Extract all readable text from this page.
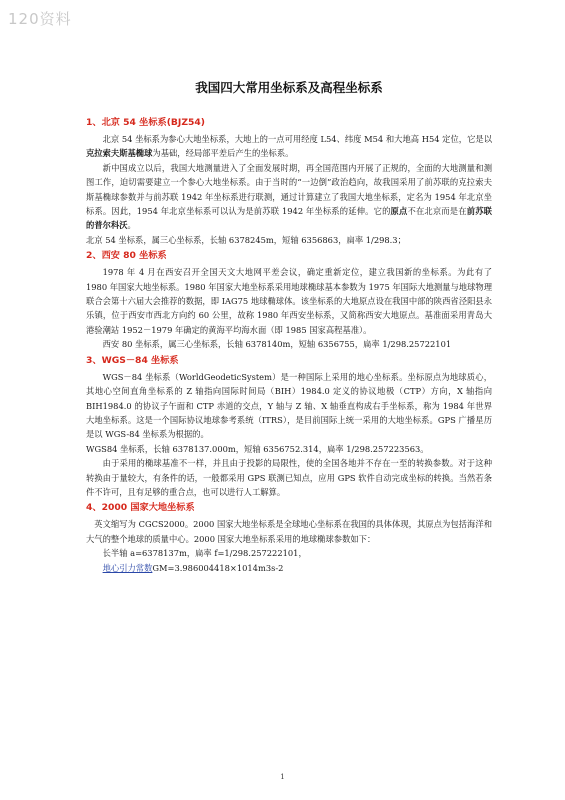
120资料
我国四大常用坐标系及高程坐标系
1、北京 54 坐标系(BJZ54)

北京 54 坐标系为参心大地坐标系，大地上的一点可用经度 L54、纬度 M54 和大地高 H54 定位，它是以克拉索夫斯基椭球为基础，经局部平差后产生的坐标系。

新中国成立以后，我国大地测量进入了全面发展时期，再全国范围内开展了正规的，全面的大地测量和测图工作，迫切需要建立一个参心大地坐标系。由于当时的“一边倒”政治趋向，故我国采用了前苏联的克拉索夫斯基椭球参数并与前苏联 1942 年坐标系进行联测，通过计算建立了我国大地坐标系，定名为 1954 年北京坐标系。因此，1954 年北京坐标系可以认为是前苏联 1942 年坐标系的延伸。它的原点不在北京而是在前苏联的普尔科沃。

北京 54 坐标系，属三心坐标系，长轴 6378245m，短轴 6356863，扁率 1/298.3；

2、西安 80 坐标系

1978 年 4 月在西安召开全国天文大地网平差会议，确定重新定位，建立我国新的坐标系。为此有了 1980 年国家大地坐标系。1980 年国家大地坐标系采用地球椭球基本参数为 1975 年国际大地测量与地球物理联合会第十六届大会推荐的数据，即 IAG75 地球椭球体。该坐标系的大地原点设在我国中部的陕西省泾阳县永乐镇，位于西安市西北方向约 60 公里，故称 1980 年西安坐标系，又简称西安大地原点。基准面采用青岛大港验潮站 1952－1979 年确定的黄海平均海水面（即 1985 国家高程基准）。

西安 80 坐标系，属三心坐标系，长轴 6378140m，短轴 6356755，扁率 1/298.25722101

3、WGS－84 坐标系

WGS－84 坐标系（WorldGeodeticSystem）是一种国际上采用的地心坐标系。坐标原点为地球质心，其地心空间直角坐标系的 Z 轴指向国际时间局（BIH）1984.0 定义的协议地极（CTP）方向，X 轴指向 BIH1984.0 的协议子午面和 CTP 赤道的交点，Y 轴与 Z 轴、X 轴垂直构成右手坐标系，称为 1984 年世界大地坐标系。这是一个国际协议地球参考系统（ITRS），是目前国际上统一采用的大地坐标系。GPS 广播星历是以 WGS-84 坐标系为根据的。

WGS84 坐标系，长轴 6378137.000m，短轴 6356752.314，扁率 1/298.257223563。

由于采用的椭球基准不一样，并且由于投影的局限性，使的全国各地并不存在一至的转换参数。对于这种转换由于量较大，有条件的话，一般都采用 GPS 联测已知点，应用 GPS 软件自动完成坐标的转换。当然若条件不许可，且有足够的重合点，也可以进行人工解算。

4、2000 国家大地坐标系

英文缩写为 CGCS2000。2000 国家大地坐标系是全球地心坐标系在我国的具体体现，其原点为包括海洋和大气的整个地球的质量中心。2000 国家大地坐标系采用的地球椭球参数如下：

长半轴 a=6378137m，扁率 f=1/298.257222101，

地心引力常数GM=3.986004418×1014m3s-2

1
